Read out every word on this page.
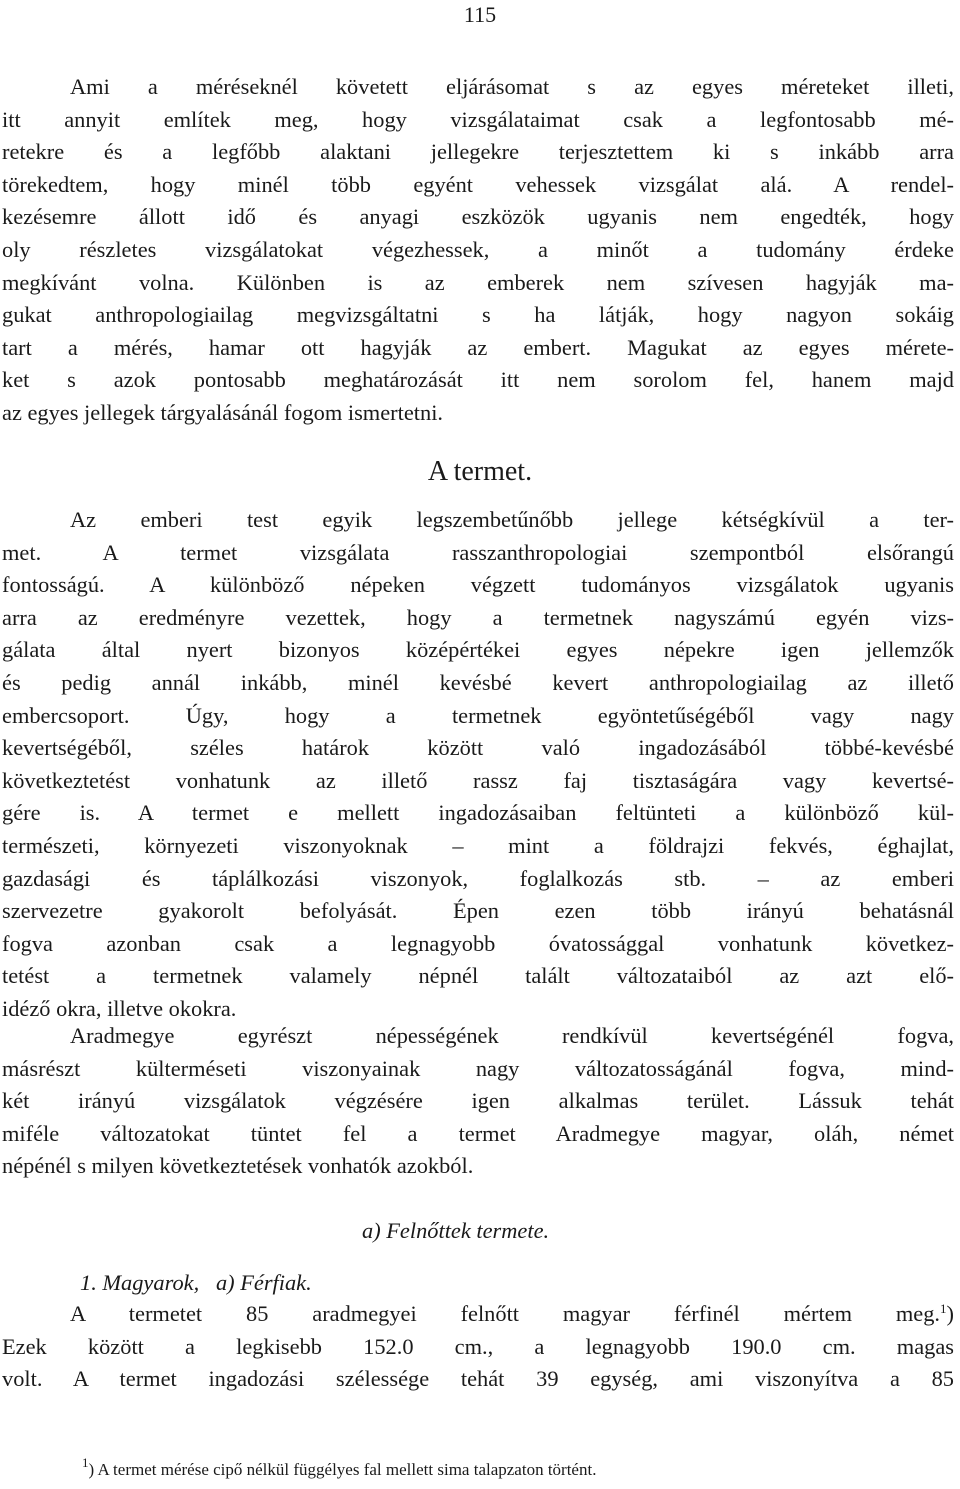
115
Ami a méréseknél követett eljárásomat s az egyes méreteket illeti,
itt annyit említek meg, hogy vizsgálataimat csak a legfontosabb mé-
retekre és a legfőbb alaktani jellegekre terjesztettem ki s inkább arra
törekedtem, hogy minél több egyént vehessek vizsgálat alá. A rendel-
kezésemre állott idő és anyagi eszközök ugyanis nem engedték, hogy
oly részletes vizsgálatokat végezhessek, a minőt a tudomány érdeke
megkívánt volna. Különben is az emberek nem szívesen hagyják ma-
gukat anthropologiailag megvizsgáltatni s ha látják, hogy nagyon sokáig
tart a mérés, hamar ott hagyják az embert. Magukat az egyes mérete-
ket s azok pontosabb meghatározását itt nem sorolom fel, hanem majd
az egyes jellegek tárgyalásánál fogom ismertetni.
A termet.
Az emberi test egyik legszembetűnőbb jellege kétségkívül a ter-
met. A termet vizsgálata rasszanthropologiai szempontból elsőrangú
fontosságú. A különböző népeken végzett tudományos vizsgálatok ugyanis
arra az eredményre vezettek, hogy a termetnek nagyszámú egyén vizs-
gálata által nyert bizonyos középértékei egyes népekre igen jellemzők
és pedig annál inkább, minél kevésbé kevert anthropologiailag az illető
embercsoport. Úgy, hogy a termetnek egyöntetűségéből vagy nagy
kevertségéből, széles határok között való ingadozásából többé-kevésbé
következtetést vonhatunk az illető rassz faj tisztaságára vagy kevertsé-
gére is. A termet e mellett ingadozásaiban feltünteti a különböző kül-
természeti, környezeti viszonyoknak – mint a földrajzi fekvés, éghajlat,
gazdasági és táplálkozási viszonyok, foglalkozás stb. – az emberi
szervezetre gyakorolt befolyását. Épen ezen több irányú behatásnál
fogva azonban csak a legnagyobb óvatossággal vonhatunk következ-
tetést a termetnek valamely népnél talált változataiból az azt elő-
idéző okra, illetve okokra.
Aradmegye egyrészt népességének rendkívül kevertségénél fogva,
másrészt külterméseti viszonyainak nagy változatosságánál fogva, mind-
két irányú vizsgálatok végzésére igen alkalmas terület. Lássuk tehát
miféle változatokat tüntet fel a termet Aradmegye magyar, oláh, német
népénél s milyen következtetések vonhatók azokból.
a) Felnőttek termete.
1. Magyarok,   a) Férfiak.
A termetet 85 aradmegyei felnőtt magyar férfinél mértem meg.$^1$)
Ezek között a legkisebb 152.0 cm., a legnagyobb 190.0 cm. magas
volt. A termet ingadozási szélessége tehát 39 egység, ami viszonyítva a 85
$^1$) A termet mérése cipő nélkül függélyes fal mellett sima talapzaton történt.
